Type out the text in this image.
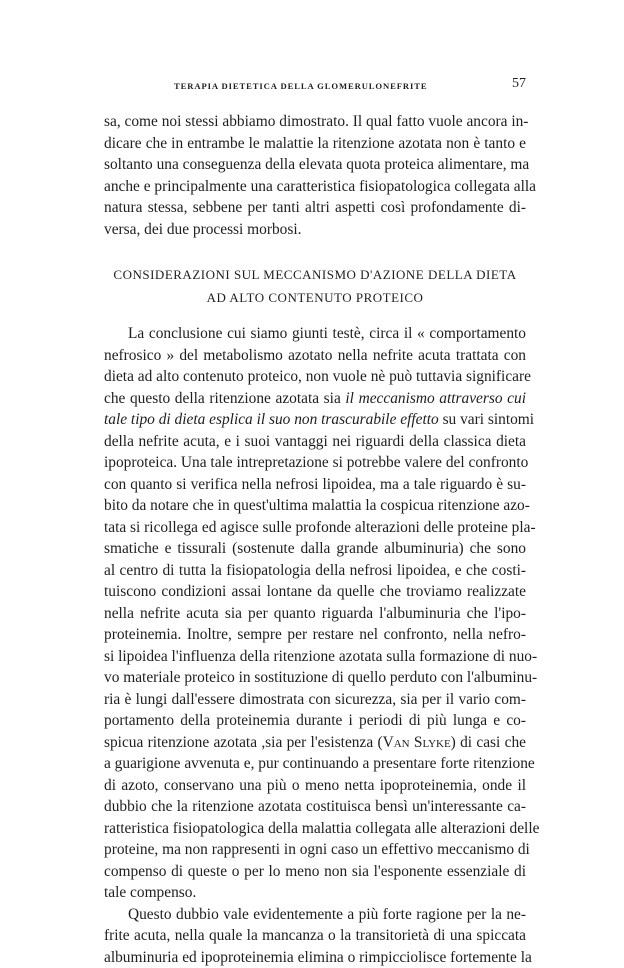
TERAPIA DIETETICA DELLA GLOMERULONEFRITE	57

sa, come noi stessi abbiamo dimostrato. Il qual fatto vuole ancora in-
dicare che in entrambe le malattie la ritenzione azotata non è tanto e
soltanto una conseguenza della elevata quota proteica alimentare, ma
anche e principalmente una caratteristica fisiopatologica collegata alla
natura stessa, sebbene per tanti altri aspetti così profondamente di-
versa, dei due processi morbosi.

CONSIDERAZIONI SUL MECCANISMO D'AZIONE DELLA DIETA
AD ALTO CONTENUTO PROTEICO

La conclusione cui siamo giunti testè, circa il « comportamento
nefrosico » del metabolismo azotato nella nefrite acuta trattata con
dieta ad alto contenuto proteico, non vuole nè può tuttavia significare
che questo della ritenzione azotata sia il meccanismo attraverso cui
tale tipo di dieta esplica il suo non trascurabile effetto su vari sintomi
della nefrite acuta, e i suoi vantaggi nei riguardi della classica dieta
ipoproteica. Una tale intrepretazione si potrebbe valere del confronto
con quanto si verifica nella nefrosi lipoidea, ma a tale riguardo è su-
bito da notare che in quest'ultima malattia la cospicua ritenzione azo-
tata si ricollega ed agisce sulle profonde alterazioni delle proteine pla-
smatiche e tissurali (sostenute dalla grande albuminuria) che sono
al centro di tutta la fisiopatologia della nefrosi lipoidea, e che costi-
tuiscono condizioni assai lontane da quelle che troviamo realizzate
nella nefrite acuta sia per quanto riguarda l'albuminuria che l'ipo-
proteinemia. Inoltre, sempre per restare nel confronto, nella nefro-
si lipoidea l'influenza della ritenzione azotata sulla formazione di nuo-
vo materiale proteico in sostituzione di quello perduto con l'albuminu-
ria è lungi dall'essere dimostrata con sicurezza, sia per il vario com-
portamento della proteinemia durante i periodi di più lunga e co-
spicua ritenzione azotata ,sia per l'esistenza (Van Slyke) di casi che
a guarigione avvenuta e, pur continuando a presentare forte ritenzione
di azoto, conservano una più o meno netta ipoproteinemia, onde il
dubbio che la ritenzione azotata costituisca bensì un'interessante ca-
ratteristica fisiopatologica della malattia collegata alle alterazioni delle
proteine, ma non rappresenti in ogni caso un effettivo meccanismo di
compenso di queste o per lo meno non sia l'esponente essenziale di
tale compenso.

Questo dubbio vale evidentemente a più forte ragione per la ne-
frite acuta, nella quale la mancanza o la transitorietà di una spiccata
albuminuria ed ipoproteinemia elimina o rimpicciolisce fortemente la
